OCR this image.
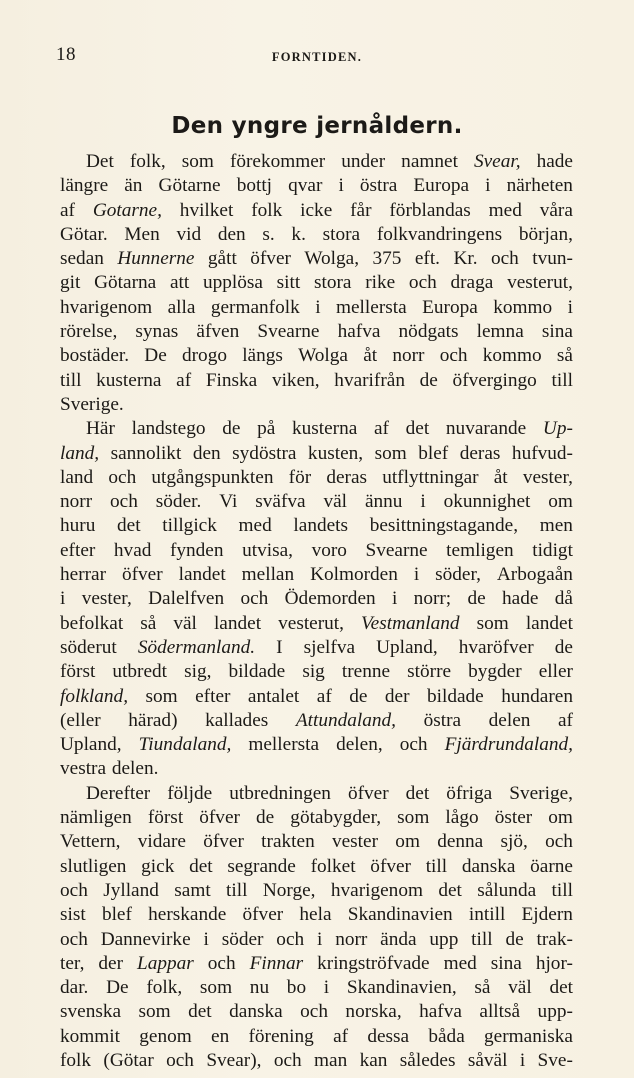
18	FORNTIDEN.
Den yngre jernåldern.
Det folk, som förekommer under namnet Svear, hade
längre än Götarne bottj qvar i östra Europa i närheten
af Gotarne, hvilket folk icke får förblandas med våra
Götar. Men vid den s. k. stora folkvandringens början,
sedan Hunnerne gått öfver Wolga, 375 eft. Kr. och tvun-
git Götarna att upplösa sitt stora rike och draga vesterut,
hvarigenom alla germanfolk i mellersta Europa kommo i
rörelse, synas äfven Svearne hafva nödgats lemna sina
bostäder. De drogo längs Wolga åt norr och kommo så
till kusterna af Finska viken, hvarifrån de öfvergingo till
Sverige.
Här landstego de på kusterna af det nuvarande Up-
land, sannolikt den sydöstra kusten, som blef deras hufvud-
land och utgångspunkten för deras utflyttningar åt vester,
norr och söder. Vi sväfva väl ännu i okunnighet om
huru det tillgick med landets besittningstagande, men
efter hvad fynden utvisa, voro Svearne temligen tidigt
herrar öfver landet mellan Kolmorden i söder, Arbogaån
i vester, Dalelfven och Ödemorden i norr; de hade då
befolkat så väl landet vesterut, Vestmanland som landet
söderut Södermanland. I sjelfva Upland, hvaröfver de
först utbredt sig, bildade sig trenne större bygder eller
folkland, som efter antalet af de der bildade hundaren
(eller härad) kallades Attundaland, östra delen af
Upland, Tiundaland, mellersta delen, och Fjärdrundaland,
vestra delen.
Derefter följde utbredningen öfver det öfriga Sverige,
nämligen först öfver de götabygder, som lågo öster om
Vettern, vidare öfver trakten vester om denna sjö, och
slutligen gick det segrande folket öfver till danska öarne
och Jylland samt till Norge, hvarigenom det sålunda till
sist blef herskande öfver hela Skandinavien intill Ejdern
och Dannevirke i söder och i norr ända upp till de trak-
ter, der Lappar och Finnar kringströfvade med sina hjor-
dar. De folk, som nu bo i Skandinavien, så väl det
svenska som det danska och norska, hafva alltså upp-
kommit genom en förening af dessa båda germaniska
folk (Götar och Svear), och man kan således såväl i Sve-
